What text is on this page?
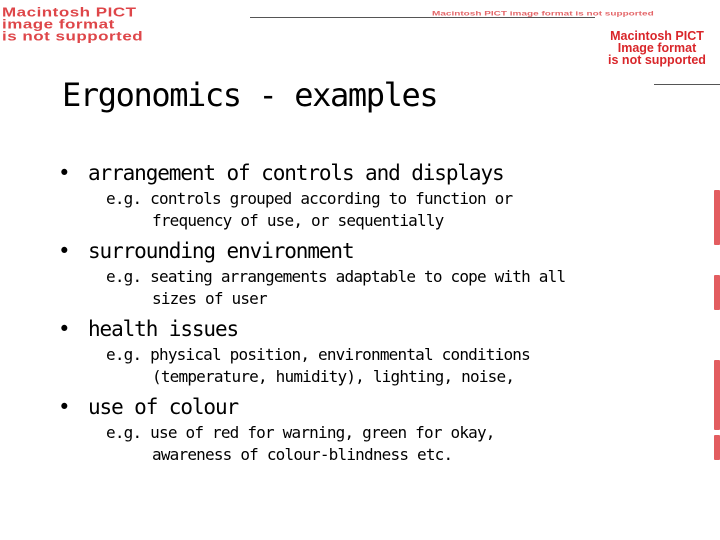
Macintosh PICT
image format
is not supported
Macintosh PICT image format is not supported
Macintosh PICT
Image format
is not supported
Ergonomics - examples
• arrangement of controls and displays
e.g. controls grouped according to function or
frequency of use, or sequentially
• surrounding environment
e.g. seating arrangements adaptable to cope with all
sizes of user
• health issues
e.g. physical position, environmental conditions
(temperature, humidity), lighting, noise,
• use of colour
e.g. use of red for warning, green for okay,
awareness of colour-blindness etc.
